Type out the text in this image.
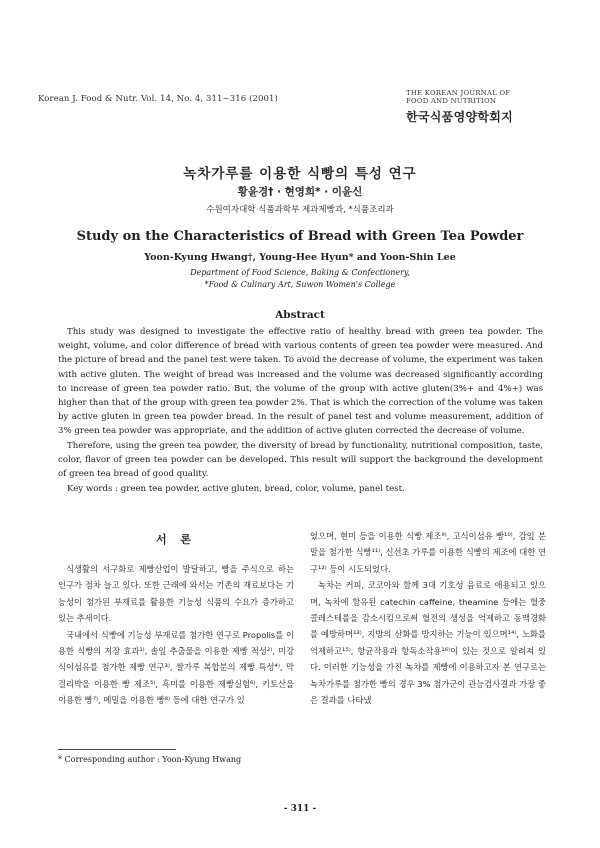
Korean J. Food & Nutr. Vol. 14, No. 4, 311~316 (2001)
THE KOREAN JOURNAL OF
FOOD AND NUTRITION
한국식품영양학회지
녹차가루를 이용한 식빵의 특성 연구
황윤경† · 현영희* · 이윤신
수원여자대학 식품과학부 제과제빵과, *식품조리과
Study on the Characteristics of Bread with Green Tea Powder
Yoon-Kyung Hwang†, Young-Hee Hyun* and Yoon-Shin Lee
Department of Food Science, Baking & Confectionery,
*Food & Culinary Art, Suwon Women's College
Abstract

This study was designed to investigate the effective ratio of healthy bread with green tea powder. The weight, volume, and color difference of bread with various contents of green tea powder were measured. And the picture of bread and the panel test were taken. To avoid the decrease of volume, the experiment was taken with active gluten. The weight of bread was increased and the volume was decreased significantly according to increase of green tea powder ratio. But, the volume of the group with active gluten(3%+ and 4%+) was higher than that of the group with green tea powder 2%. That is which the correction of the volume was taken by active gluten in green tea powder bread. In the result of panel test and volume measurement, addition of 3% green tea powder was appropriate, and the addition of active gluten corrected the decrease of volume.

Therefore, using the green tea powder, the diversity of bread by functionality, nutritional composition, taste, color, flavor of green tea powder can be developed. This result will support the background the development of green tea bread of good quality.

Key words : green tea powder, active gluten, bread, color, volume, panel test.

서 론

식생활의 서구화로 제빵산업이 발달하고, 빵을 주식으로 하는 인구가 점차 늘고 있다. 또한 근래에 와서는 기존의 재료보다는 기능성이 첨가된 부재료를 활용한 기능성 식품의 수요가 증가하고 있는 추세이다.

국내에서 식빵에 기능성 부재료를 첨가한 연구로 Propolis를 이용한 식빵의 저장 효과¹⁾, 솔잎 추출물을 이용한 제빵 적성²⁾, 미강 식이섬유를 첨가한 제빵 연구³⁾, 쌀가루 복합분의 제빵 특성⁴⁾, 막걸리박을 이용한 빵 제조⁵⁾, 흑미를 이용한 제빵실험⁶⁾, 키토산을 이용한 빵⁷⁾, 메밀을 이용한 빵⁸⁾ 등에 대한 연구가 있

었으며, 현미 등을 이용한 식빵 제조⁹⁾, 고식이섬유 빵¹⁰⁾, 감잎 분말을 첨가한 식빵¹¹⁾, 신선초 가루를 이용한 식빵의 제조에 대한 연구¹²⁾ 등이 시도되었다.

녹차는 커피, 코코아와 함께 3대 기호성 음료로 애용되고 있으며, 녹차에 함유된 catechin caffeine, theamine 등에는 혈중 콜레스테롤을 감소시킴으로써 혈전의 생성을 억제하고 동맥경화를 예방하며¹³⁾, 지방의 산화를 방지하는 기능이 있으며¹⁴⁾, 노화를 억제하고¹⁵⁾, 항균작용과 항독소작용¹⁶⁾이 있는 것으로 알려져 있다. 이러한 기능성을 가진 녹차를 제빵에 이용하고자 본 연구로는 녹차가루를 첨가한 빵의 경우 3% 첨가군이 관능검사결과 가장 좋은 결과를 나타냈

* Corresponding author : Yoon-Kyung Hwang
- 311 -
